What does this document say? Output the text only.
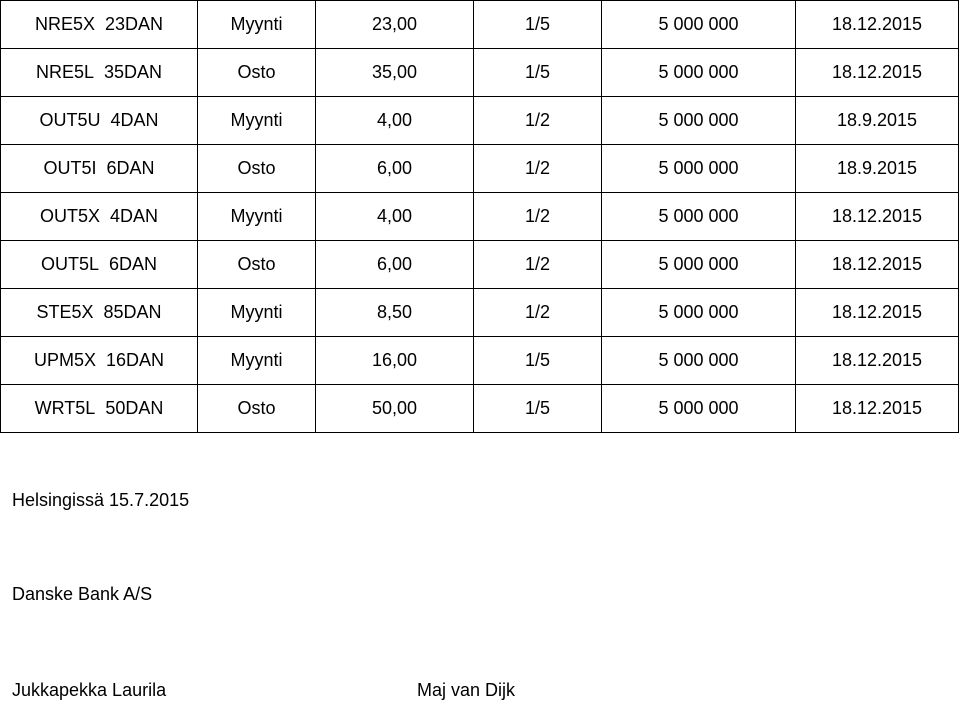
NRE5X 23DAN	Myynti	23,00	1/5	5 000 000	18.12.2015
NRE5L 35DAN	Osto	35,00	1/5	5 000 000	18.12.2015
OUT5U 4DAN	Myynti	4,00	1/2	5 000 000	18.9.2015
OUT5I 6DAN	Osto	6,00	1/2	5 000 000	18.9.2015
OUT5X 4DAN	Myynti	4,00	1/2	5 000 000	18.12.2015
OUT5L 6DAN	Osto	6,00	1/2	5 000 000	18.12.2015
STE5X 85DAN	Myynti	8,50	1/2	5 000 000	18.12.2015
UPM5X 16DAN	Myynti	16,00	1/5	5 000 000	18.12.2015
WRT5L 50DAN	Osto	50,00	1/5	5 000 000	18.12.2015
Helsingissä 15.7.2015
Danske Bank A/S
Jukkapekka Laurila	Maj van Dijk
